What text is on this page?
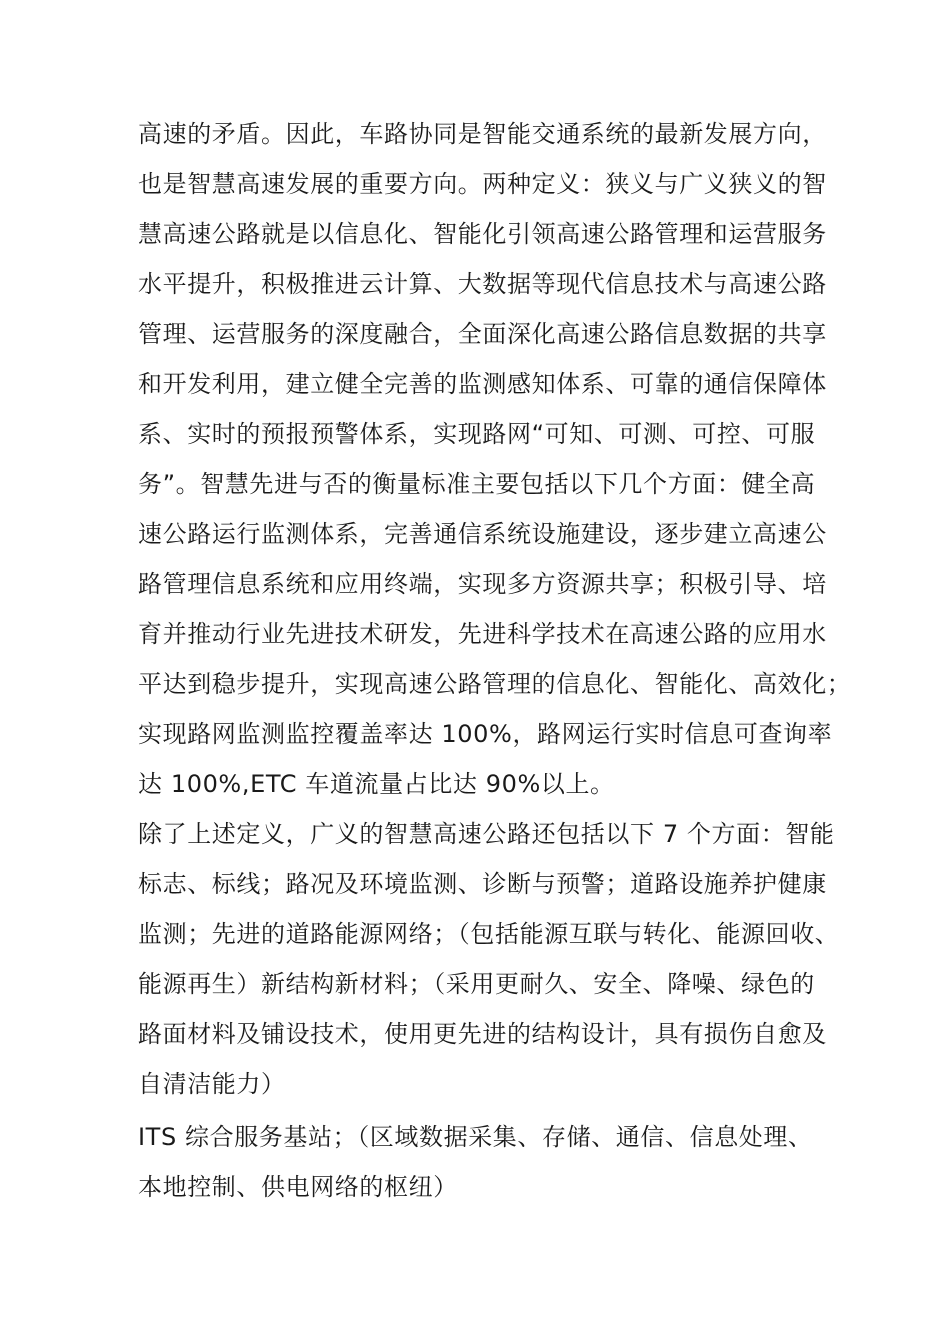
高速的矛盾。因此，车路协同是智能交通系统的最新发展方向，
也是智慧高速发展的重要方向。两种定义：狭义与广义狭义的智
慧高速公路就是以信息化、智能化引领高速公路管理和运营服务
水平提升，积极推进云计算、大数据等现代信息技术与高速公路
管理、运营服务的深度融合，全面深化高速公路信息数据的共享
和开发利用，建立健全完善的监测感知体系、可靠的通信保障体
系、实时的预报预警体系，实现路网“可知、可测、可控、可服
务”。智慧先进与否的衡量标准主要包括以下几个方面：健全高
速公路运行监测体系，完善通信系统设施建设，逐步建立高速公
路管理信息系统和应用终端，实现多方资源共享；积极引导、培
育并推动行业先进技术研发，先进科学技术在高速公路的应用水
平达到稳步提升，实现高速公路管理的信息化、智能化、高效化；
实现路网监测监控覆盖率达 100%，路网运行实时信息可查询率
达 100%,ETC 车道流量占比达 90%以上。

除了上述定义，广义的智慧高速公路还包括以下 7 个方面：智能
标志、标线；路况及环境监测、诊断与预警；道路设施养护健康
监测；先进的道路能源网络；（包括能源互联与转化、能源回收、
能源再生）新结构新材料；（采用更耐久、安全、降噪、绿色的
路面材料及铺设技术，使用更先进的结构设计，具有损伤自愈及
自清洁能力）

ITS 综合服务基站；（区域数据采集、存储、通信、信息处理、
本地控制、供电网络的枢纽）
